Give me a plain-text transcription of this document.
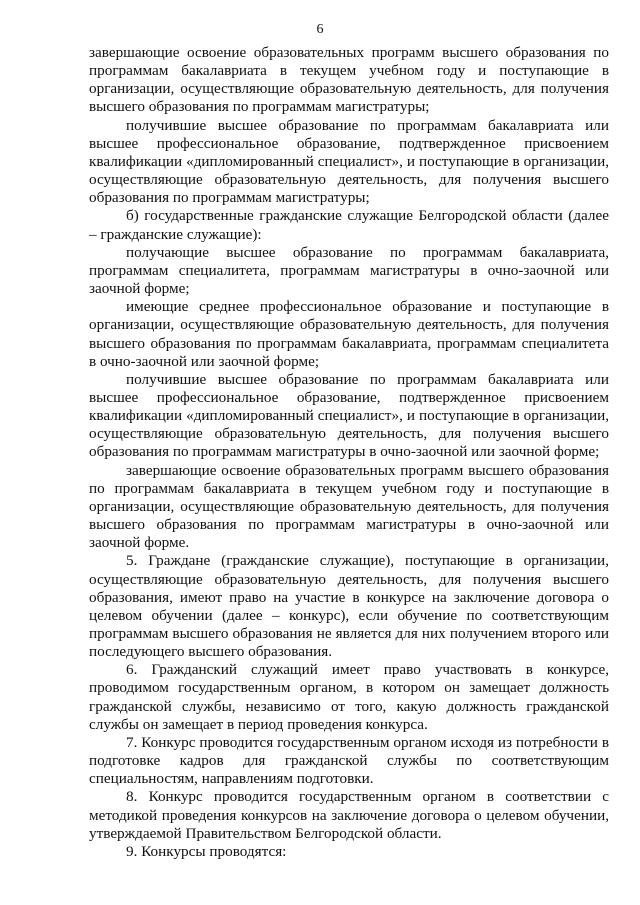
6

завершающие освоение образовательных программ высшего образования по программам бакалавриата в текущем учебном году и поступающие в организации, осуществляющие образовательную деятельность, для получения высшего образования по программам магистратуры;

получившие высшее образование по программам бакалавриата или высшее профессиональное образование, подтвержденное присвоением квалификации «дипломированный специалист», и поступающие в организации, осуществляющие образовательную деятельность, для получения высшего образования по программам магистратуры;

б) государственные гражданские служащие Белгородской области (далее – гражданские служащие):

получающие высшее образование по программам бакалавриата, программам специалитета, программам магистратуры в очно-заочной или заочной форме;

имеющие среднее профессиональное образование и поступающие в организации, осуществляющие образовательную деятельность, для получения высшего образования по программам бакалавриата, программам специалитета в очно-заочной или заочной форме;

получившие высшее образование по программам бакалавриата или высшее профессиональное образование, подтвержденное присвоением квалификации «дипломированный специалист», и поступающие в организации, осуществляющие образовательную деятельность, для получения высшего образования по программам магистратуры в очно-заочной или заочной форме;

завершающие освоение образовательных программ высшего образования по программам бакалавриата в текущем учебном году и поступающие в организации, осуществляющие образовательную деятельность, для получения высшего образования по программам магистратуры в очно-заочной или заочной форме.

5. Граждане (гражданские служащие), поступающие в организации, осуществляющие образовательную деятельность, для получения высшего образования, имеют право на участие в конкурсе на заключение договора о целевом обучении (далее – конкурс), если обучение по соответствующим программам высшего образования не является для них получением второго или последующего высшего образования.

6. Гражданский служащий имеет право участвовать в конкурсе, проводимом государственным органом, в котором он замещает должность гражданской службы, независимо от того, какую должность гражданской службы он замещает в период проведения конкурса.

7. Конкурс проводится государственным органом исходя из потребности в подготовке кадров для гражданской службы по соответствующим специальностям, направлениям подготовки.

8. Конкурс проводится государственным органом в соответствии с методикой проведения конкурсов на заключение договора о целевом обучении, утверждаемой Правительством Белгородской области.

9. Конкурсы проводятся:
